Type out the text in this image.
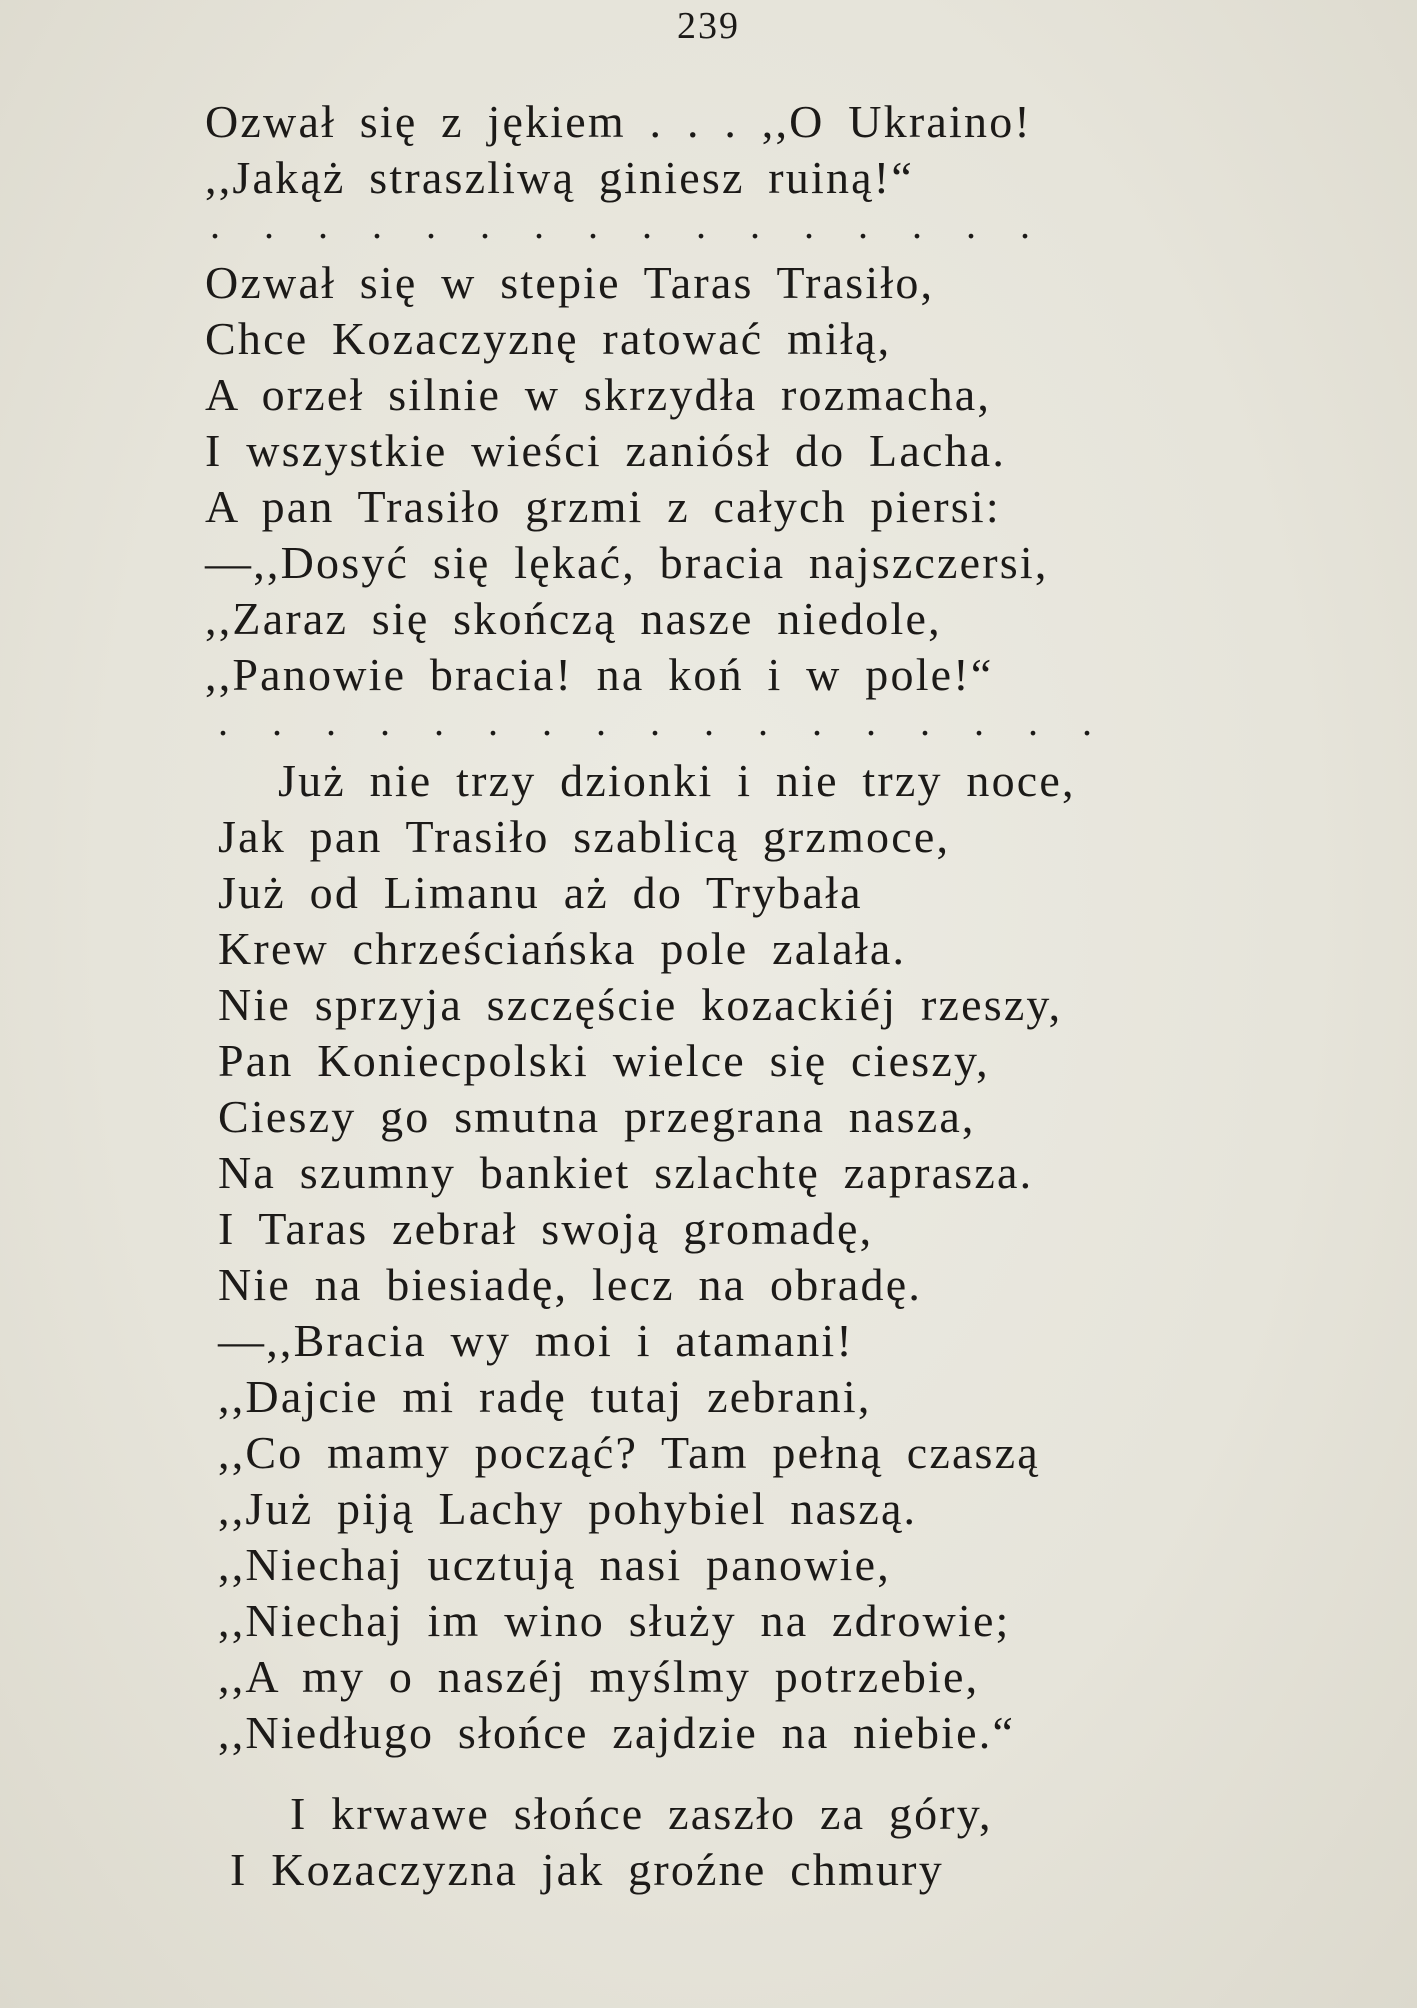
239
Ozwał się z jękiem . . . ,,O Ukraino!
,,Jakąż straszliwą giniesz ruiną!“
. . . . . . . . . . . . . . . .
Ozwał się w stepie Taras Trasiło,
Chce Kozaczyznę ratować miłą,
A orzeł silnie w skrzydła rozmacha,
I wszystkie wieści zaniósł do Lacha.
A pan Trasiło grzmi z całych piersi:
—,,Dosyć się lękać, bracia najszczersi,
,,Zaraz się skończą nasze niedole,
,,Panowie bracia! na koń i w pole!“
. . . . . . . . . . . . . . . . .
Już nie trzy dzionki i nie trzy noce,
Jak pan Trasiło szablicą grzmoce,
Już od Limanu aż do Trybała
Krew chrześciańska pole zalała.
Nie sprzyja szczęście kozackiéj rzeszy,
Pan Koniecpolski wielce się cieszy,
Cieszy go smutna przegrana nasza,
Na szumny bankiet szlachtę zaprasza.
I Taras zebrał swoją gromadę,
Nie na biesiadę, lecz na obradę.
—,,Bracia wy moi i atamani!
,,Dajcie mi radę tutaj zebrani,
,,Co mamy począć? Tam pełną czaszą
,,Już piją Lachy pohybiel naszą.
,,Niechaj ucztują nasi panowie,
,,Niechaj im wino służy na zdrowie;
,,A my o naszéj myślmy potrzebie,
,,Niedługo słońce zajdzie na niebie.“
I krwawe słońce zaszło za góry,
I Kozaczyzna jak groźne chmury
